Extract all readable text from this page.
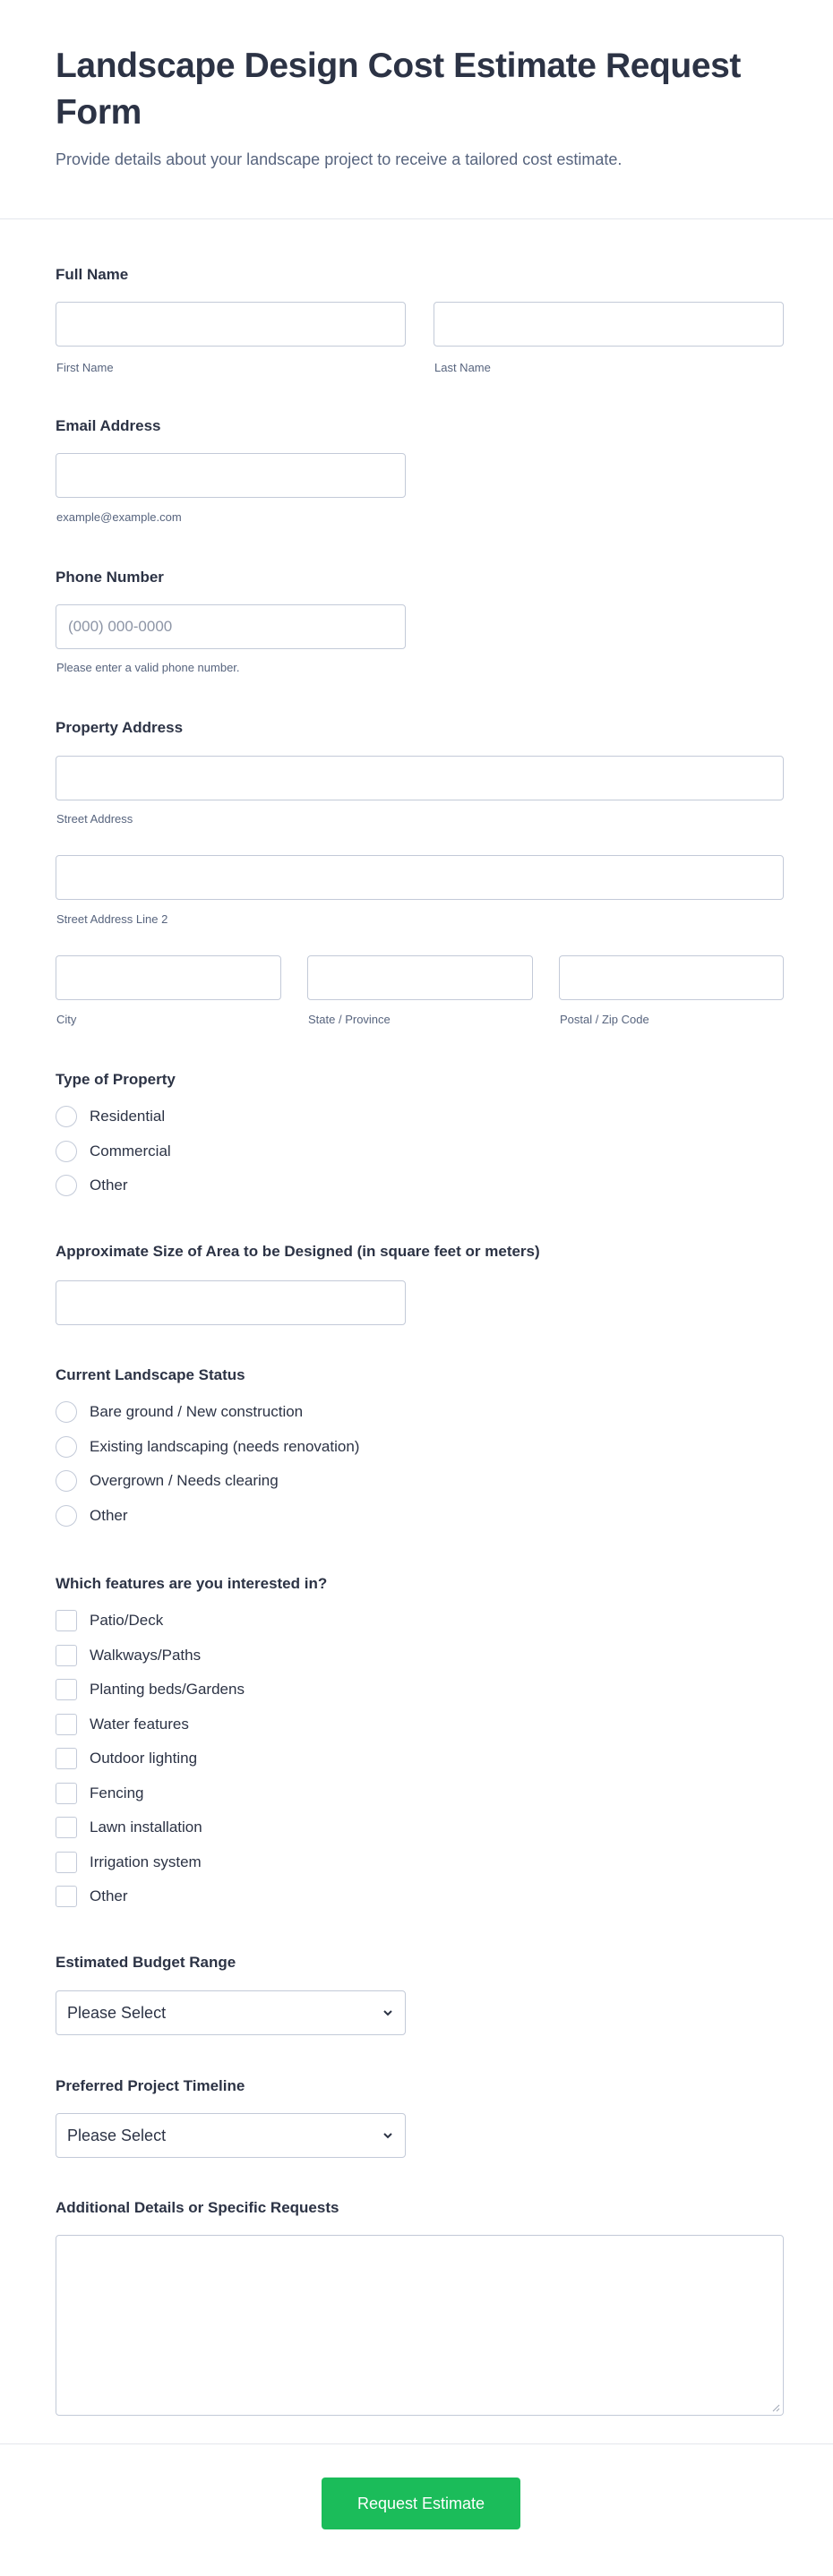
Landscape Design Cost Estimate Request Form
Provide details about your landscape project to receive a tailored cost estimate.
Full Name
First Name	Last Name
Email Address
example@example.com
Phone Number
(000) 000-0000
Please enter a valid phone number.
Property Address
Street Address
Street Address Line 2
City	State / Province	Postal / Zip Code
Type of Property
Residential
Commercial
Other
Approximate Size of Area to be Designed (in square feet or meters)
Current Landscape Status
Bare ground / New construction
Existing landscaping (needs renovation)
Overgrown / Needs clearing
Other
Which features are you interested in?
Patio/Deck
Walkways/Paths
Planting beds/Gardens
Water features
Outdoor lighting
Fencing
Lawn installation
Irrigation system
Other
Estimated Budget Range
Please Select
Preferred Project Timeline
Please Select
Additional Details or Specific Requests
Request Estimate
